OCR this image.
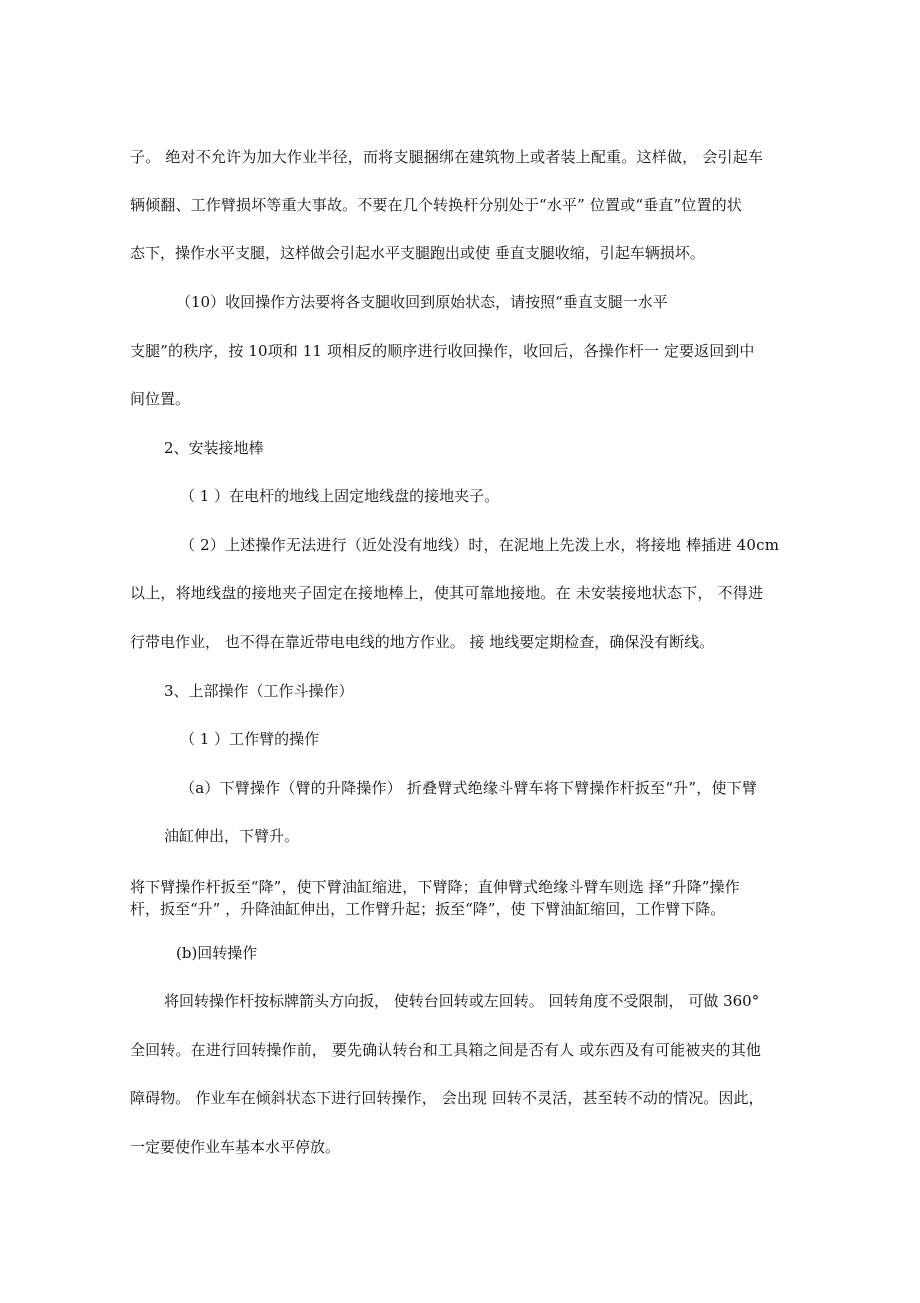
子。 绝对不允许为加大作业半径，而将支腿捆绑在建筑物上或者装上配重。这样做， 会引起车
辆倾翻、工作臂损坏等重大事故。不要在几个转换杆分别处于“水平” 位置或“垂直”位置的状
态下，操作水平支腿，这样做会引起水平支腿跑出或使 垂直支腿收缩，引起车辆损坏。
（10）收回操作方法要将各支腿收回到原始状态，请按照“垂直支腿一水平
支腿”的秩序，按 10项和 11 项相反的顺序进行收回操作，收回后，各操作杆一 定要返回到中
间位置。
2、安装接地棒
（ 1 ）在电杆的地线上固定地线盘的接地夹子。
（ 2）上述操作无法进行（近处没有地线）时，在泥地上先泼上水，将接地 棒插进 40cm
以上，将地线盘的接地夹子固定在接地棒上，使其可靠地接地。在 未安装接地状态下， 不得进
行带电作业， 也不得在靠近带电电线的地方作业。 接 地线要定期检查，确保没有断线。
3、上部操作（工作斗操作）
（ 1 ）工作臂的操作
（a）下臂操作（臂的升降操作） 折叠臂式绝缘斗臂车将下臂操作杆扳至“升”，使下臂
油缸伸出，下臂升。
将下臂操作杆扳至“降”，使下臂油缸缩进，下臂降；直伸臂式绝缘斗臂车则选 择“升降”操作
杆，扳至“升” ，升降油缸伸出，工作臂升起；扳至“降”，使 下臂油缸缩回，工作臂下降。
(b)回转操作
将回转操作杆按标牌箭头方向扳， 使转台回转或左回转。 回转角度不受限制， 可做 360°
全回转。在进行回转操作前， 要先确认转台和工具箱之间是否有人 或东西及有可能被夹的其他
障碍物。 作业车在倾斜状态下进行回转操作， 会出现 回转不灵活，甚至转不动的情况。因此，
一定要使作业车基本水平停放。
